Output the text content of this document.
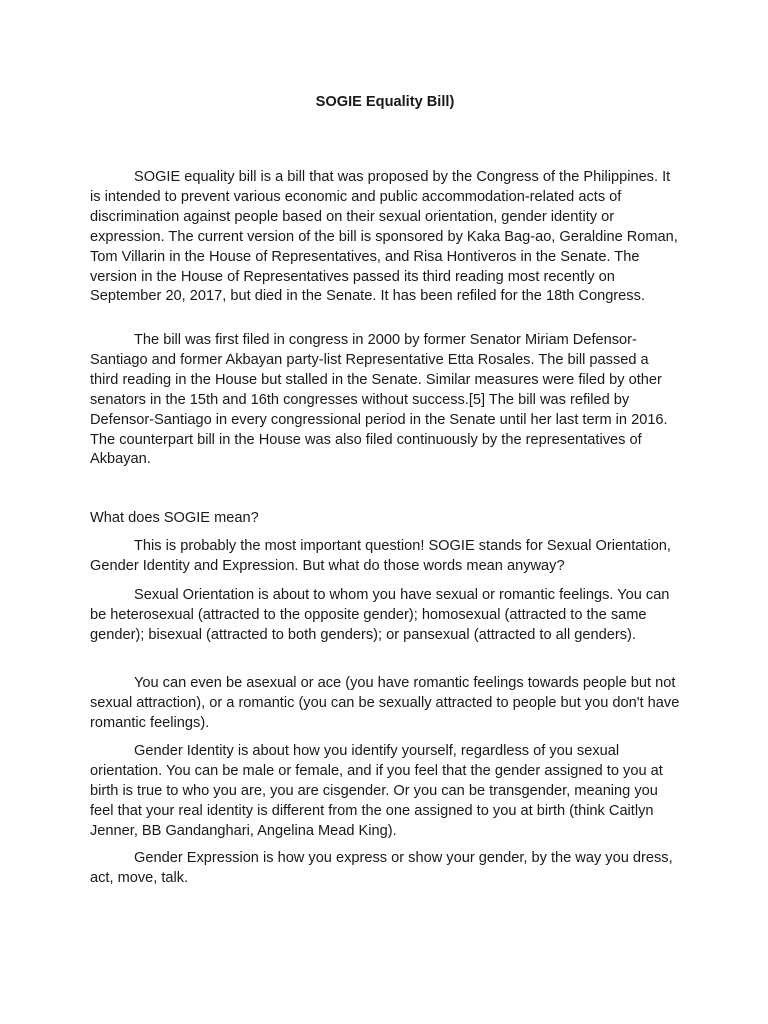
SOGIE Equality Bill)

SOGIE equality bill is a bill that was proposed by the Congress of the Philippines. It is intended to prevent various economic and public accommodation-related acts of discrimination against people based on their sexual orientation, gender identity or expression. The current version of the bill is sponsored by Kaka Bag-ao, Geraldine Roman, Tom Villarin in the House of Representatives, and Risa Hontiveros in the Senate. The version in the House of Representatives passed its third reading most recently on September 20, 2017, but died in the Senate. It has been refiled for the 18th Congress.

The bill was first filed in congress in 2000 by former Senator Miriam Defensor-Santiago and former Akbayan party-list Representative Etta Rosales. The bill passed a third reading in the House but stalled in the Senate. Similar measures were filed by other senators in the 15th and 16th congresses without success.[5] The bill was refiled by Defensor-Santiago in every congressional period in the Senate until her last term in 2016. The counterpart bill in the House was also filed continuously by the representatives of Akbayan.

What does SOGIE mean?

This is probably the most important question! SOGIE stands for Sexual Orientation, Gender Identity and Expression. But what do those words mean anyway?

Sexual Orientation is about to whom you have sexual or romantic feelings. You can be heterosexual (attracted to the opposite gender); homosexual (attracted to the same gender); bisexual (attracted to both genders); or pansexual (attracted to all genders).

You can even be asexual or ace (you have romantic feelings towards people but not sexual attraction), or a romantic (you can be sexually attracted to people but you don't have romantic feelings).

Gender Identity is about how you identify yourself, regardless of you sexual orientation. You can be male or female, and if you feel that the gender assigned to you at birth is true to who you are, you are cisgender. Or you can be transgender, meaning you feel that your real identity is different from the one assigned to you at birth (think Caitlyn Jenner, BB Gandanghari, Angelina Mead King).

Gender Expression is how you express or show your gender, by the way you dress, act, move, talk.
